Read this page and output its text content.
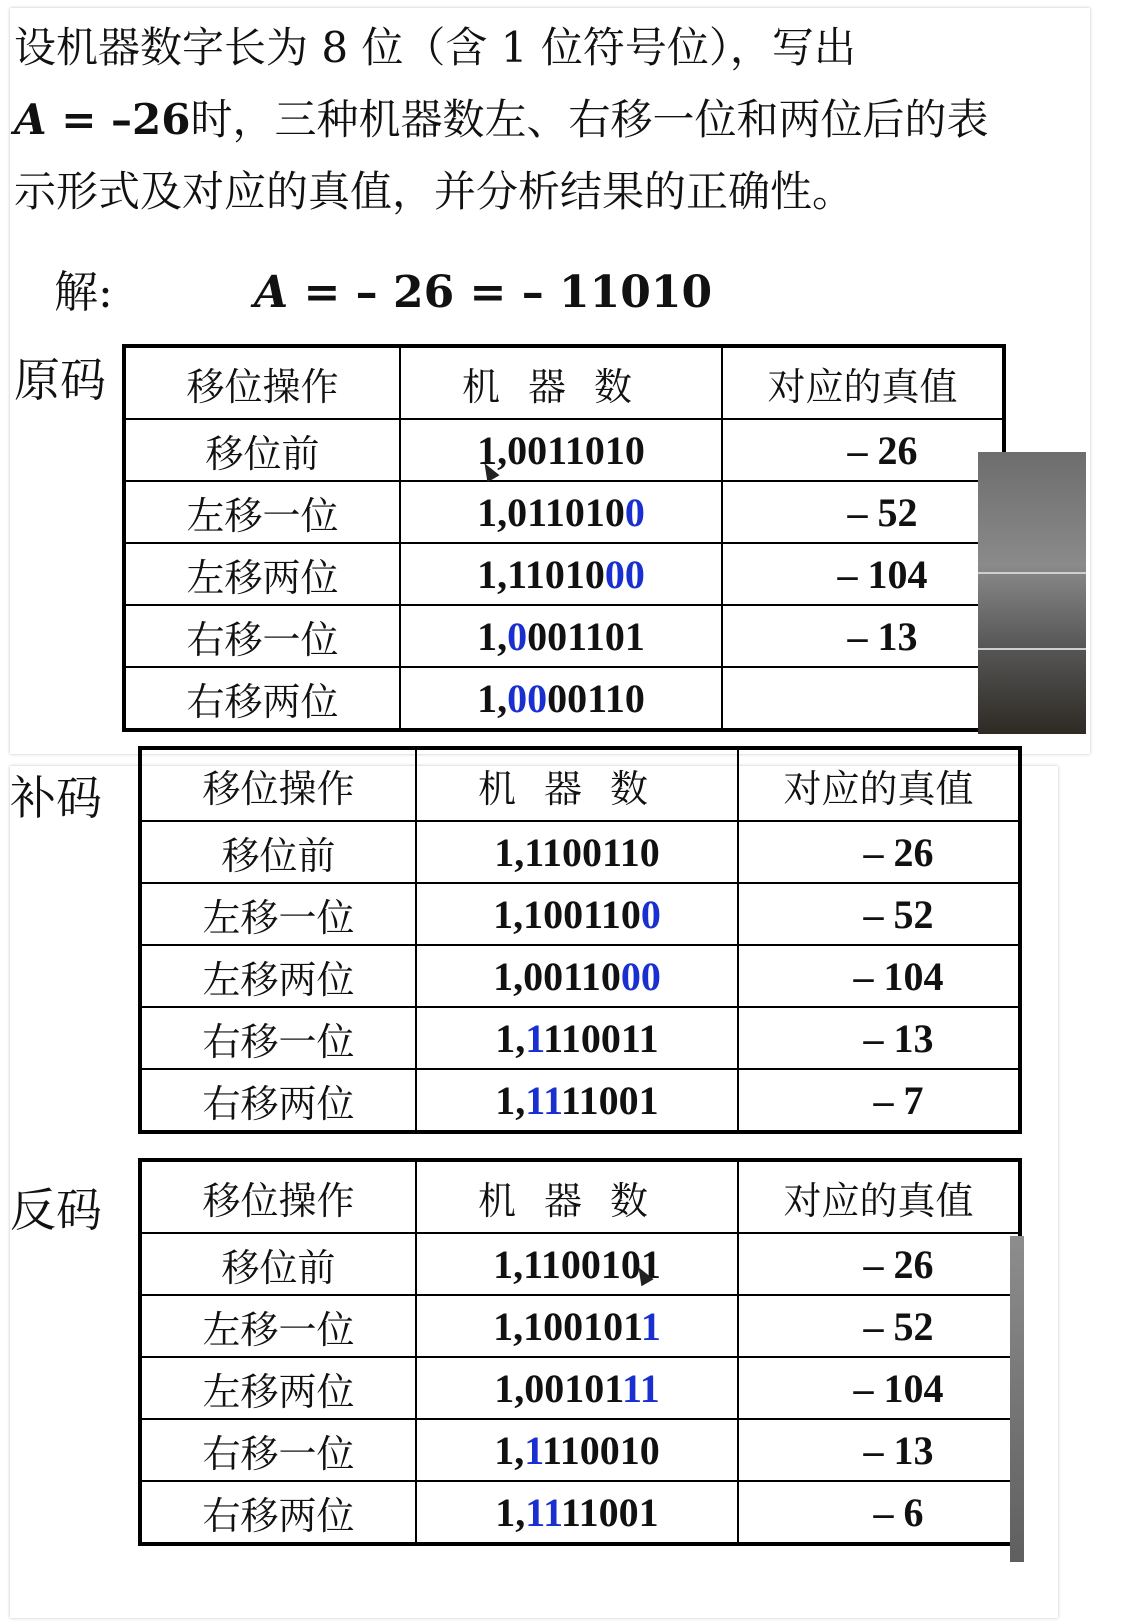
设机器数字长为 8 位（含 1 位符号位），写出
A = –26时，三种机器数左、右移一位和两位后的表
示形式及对应的真值，并分析结果的正确性。
解:	A = – 26 = – 11010
原码 移位操作	机器数	对应的真值
移位前	1,0011010	– 26
左移一位	1,0110100	– 52
左移两位	1,1101000	– 104
右移一位	1,0001101	– 13
右移两位	1,0000110	
补码	移位操作	机器数	对应的真值
移位前	1,1100110	– 26
左移一位	1,1001100	– 52
左移两位	1,0011000	– 104
右移一位	1,1110011	– 13
右移两位	1,1111001	– 7
反码	移位操作	机器数	对应的真值
移位前	1,1100101	– 26
左移一位	1,1001011	– 52
左移两位	1,0010111	– 104
右移一位	1,1110010	– 13
右移两位	1,1111001	– 6
